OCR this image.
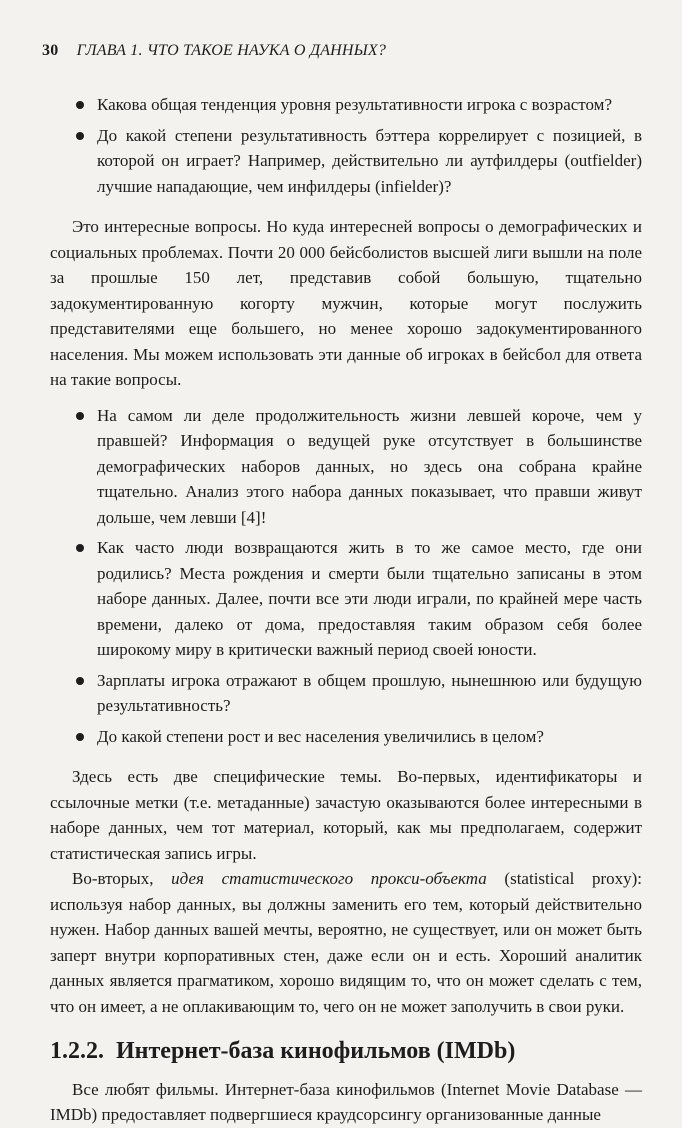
30 ГЛАВА 1. ЧТО ТАКОЕ НАУКА О ДАННЫХ?
Какова общая тенденция уровня результативности игрока с возрастом?
До какой степени результативность бэттера коррелирует с позицией, в которой он играет? Например, действительно ли аутфилдеры (outfielder) лучшие нападающие, чем инфилдеры (infielder)?

Это интересные вопросы. Но куда интересней вопросы о демографических и социальных проблемах. Почти 20 000 бейсболистов высшей лиги вышли на поле за прошлые 150 лет, представив собой большую, тщательно задокументированную когорту мужчин, которые могут послужить представителями еще большего, но менее хорошо задокументированного населения. Мы можем использовать эти данные об игроках в бейсбол для ответа на такие вопросы.

На самом ли деле продолжительность жизни левшей короче, чем у правшей? Информация о ведущей руке отсутствует в большинстве демографических наборов данных, но здесь она собрана крайне тщательно. Анализ этого набора данных показывает, что правши живут дольше, чем левши [4]!
Как часто люди возвращаются жить в то же самое место, где они родились? Места рождения и смерти были тщательно записаны в этом наборе данных. Далее, почти все эти люди играли, по крайней мере часть времени, далеко от дома, предоставляя таким образом себя более широкому миру в критически важный период своей юности.
Зарплаты игрока отражают в общем прошлую, нынешнюю или будущую результативность?
До какой степени рост и вес населения увеличились в целом?

Здесь есть две специфические темы. Во-первых, идентификаторы и ссылочные метки (т.е. метаданные) зачастую оказываются более интересными в наборе данных, чем тот материал, который, как мы предполагаем, содержит статистическая запись игры.

Во-вторых, идея статистического прокси-объекта (statistical proxy): используя набор данных, вы должны заменить его тем, который действительно нужен. Набор данных вашей мечты, вероятно, не существует, или он может быть заперт внутри корпоративных стен, даже если он и есть. Хороший аналитик данных является прагматиком, хорошо видящим то, что он может сделать с тем, что он имеет, а не оплакивающим то, чего он не может заполучить в свои руки.

1.2.2. Интернет-база кинофильмов (IMDb)

Все любят фильмы. Интернет-база кинофильмов (Internet Movie Database — IMDb) предоставляет подвергшиеся краудсорсингу организованные данные
